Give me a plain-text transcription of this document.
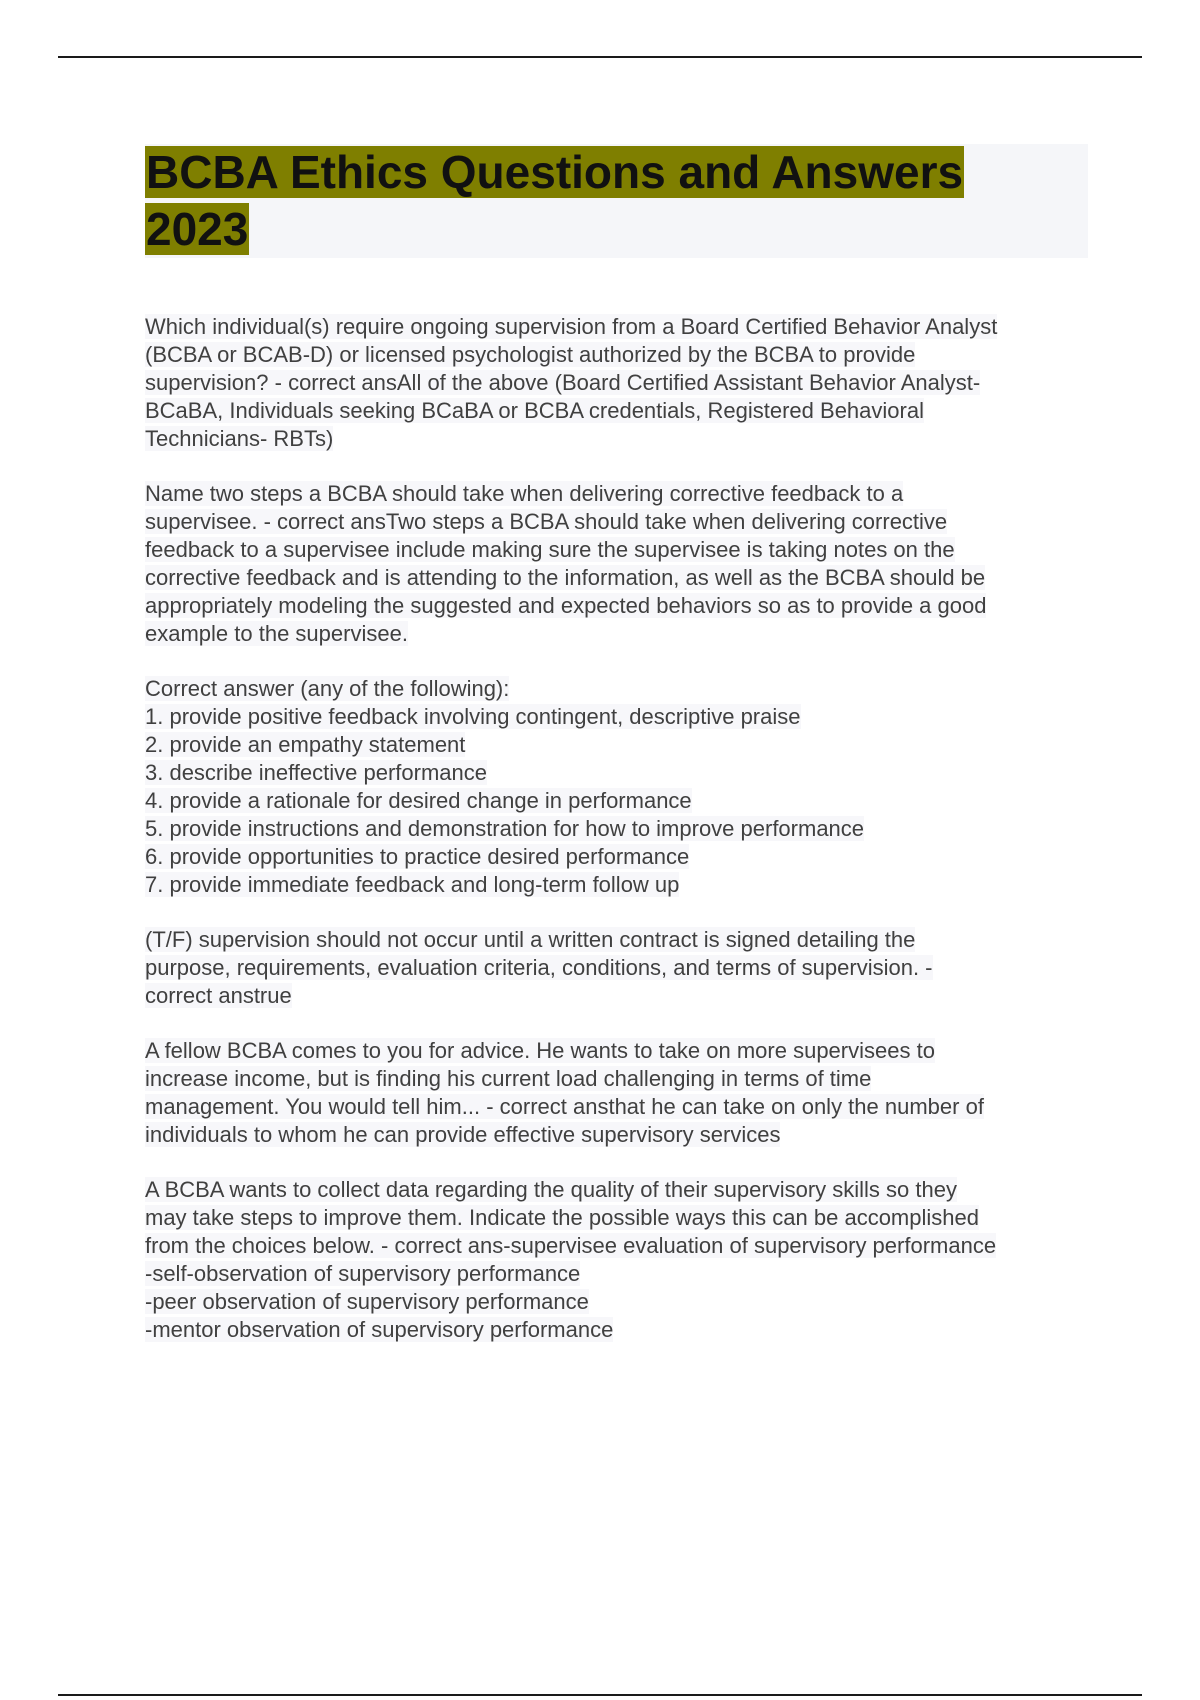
BCBA Ethics Questions and Answers
2023
Which individual(s) require ongoing supervision from a Board Certified Behavior Analyst
(BCBA or BCAB-D) or licensed psychologist authorized by the BCBA to provide
supervision? - correct ansAll of the above (Board Certified Assistant Behavior Analyst-
BCaBA, Individuals seeking BCaBA or BCBA credentials, Registered Behavioral
Technicians- RBTs)
Name two steps a BCBA should take when delivering corrective feedback to a
supervisee. - correct ansTwo steps a BCBA should take when delivering corrective
feedback to a supervisee include making sure the supervisee is taking notes on the
corrective feedback and is attending to the information, as well as the BCBA should be
appropriately modeling the suggested and expected behaviors so as to provide a good
example to the supervisee.
Correct answer (any of the following):
1. provide positive feedback involving contingent, descriptive praise
2. provide an empathy statement
3. describe ineffective performance
4. provide a rationale for desired change in performance
5. provide instructions and demonstration for how to improve performance
6. provide opportunities to practice desired performance
7. provide immediate feedback and long-term follow up
(T/F) supervision should not occur until a written contract is signed detailing the
purpose, requirements, evaluation criteria, conditions, and terms of supervision. -
correct anstrue
A fellow BCBA comes to you for advice. He wants to take on more supervisees to
increase income, but is finding his current load challenging in terms of time
management. You would tell him... - correct ansthat he can take on only the number of
individuals to whom he can provide effective supervisory services
A BCBA wants to collect data regarding the quality of their supervisory skills so they
may take steps to improve them. Indicate the possible ways this can be accomplished
from the choices below. - correct ans-supervisee evaluation of supervisory performance
-self-observation of supervisory performance
-peer observation of supervisory performance
-mentor observation of supervisory performance
